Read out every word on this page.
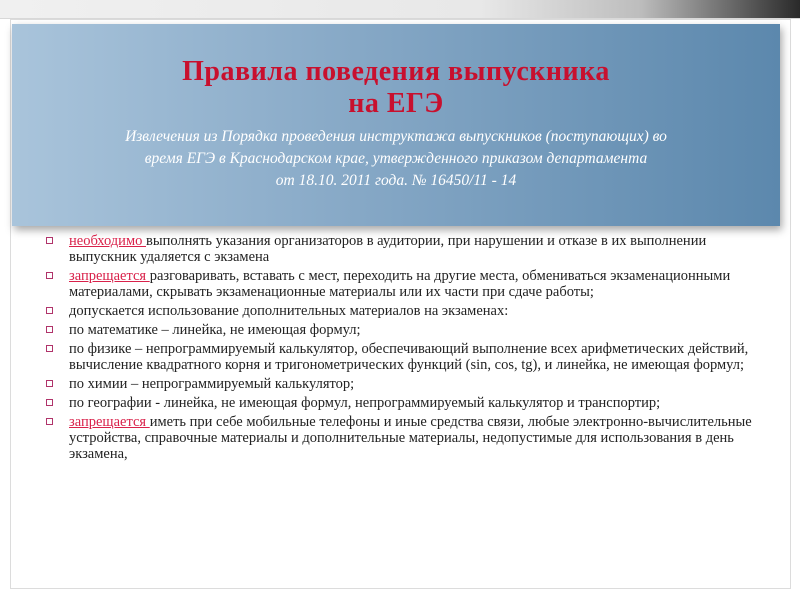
Правила поведения выпускника
на ЕГЭ
Извлечения из Порядка проведения инструктажа выпускников (поступающих) во
время ЕГЭ в Краснодарском крае, утвержденного приказом департамента
от 18.10. 2011 года. № 16450/11 - 14
необходимо выполнять указания организаторов в аудитории, при нарушении и отказе в их выполнении выпускник удаляется с экзамена
запрещается разговаривать, вставать с мест, переходить на другие места, обмениваться экзаменационными материалами, скрывать экзаменационные материалы или их части при сдаче работы;
допускается использование дополнительных материалов на экзаменах:
по математике – линейка, не имеющая формул;
по физике – непрограммируемый калькулятор, обеспечивающий выполнение всех арифметических действий, вычисление квадратного корня и тригонометрических функций (sin, cos, tg), и линейка, не имеющая формул;
по химии – непрограммируемый калькулятор;
по географии - линейка, не имеющая формул, непрограммируемый калькулятор и транспортир;
запрещается иметь при себе мобильные телефоны и иные средства связи, любые электронно-вычислительные устройства, справочные материалы и дополнительные материалы, недопустимые для использования в день экзамена,
